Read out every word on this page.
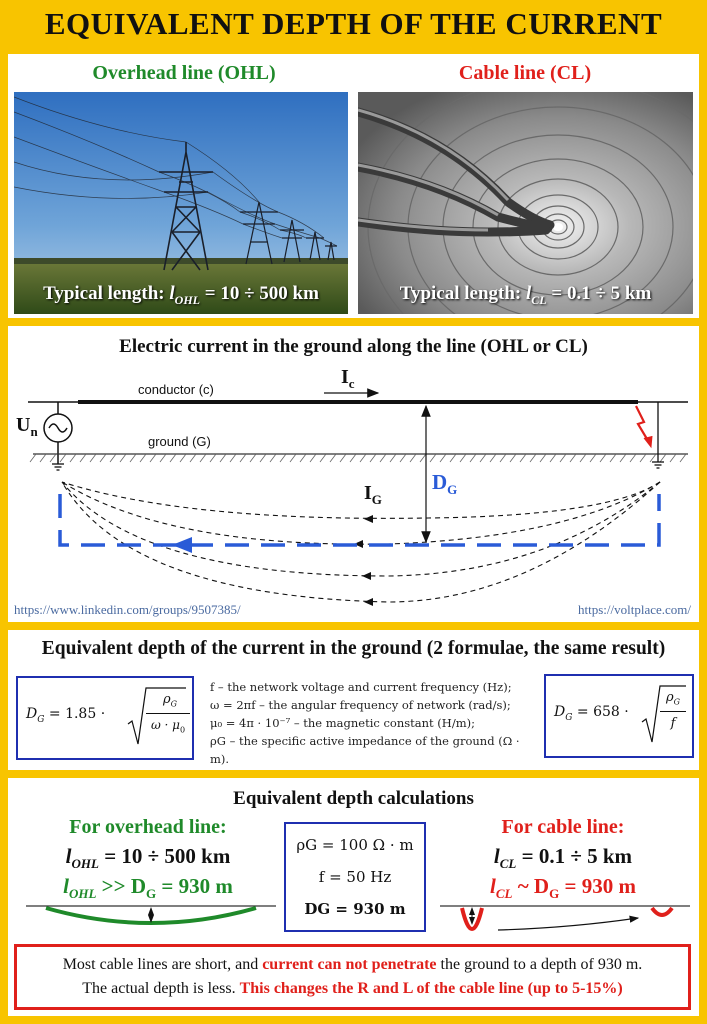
EQUIVALENT DEPTH OF THE CURRENT
Overhead line (OHL)	Cable line (CL)
Typical length: $l_{OHL} = 10 \div 500$ km	Typical length: $l_{CL} = 0.1 \div 5$ km
Electric current in the ground along the line (OHL or CL)
conductor (c)
ground (G)
$I_c$
$U_n$
$I_G$
$D_G$
https://www.linkedin.com/groups/9507385/	https://voltplace.com/
Equivalent depth of the current in the ground (2 formulae, the same result)
$D_G = 1.85$ ·
$\rho_G$
$\omega \cdot \mu_0$
f – the network voltage and current frequency (Hz);
ω = 2πf – the angular frequency of network (rad/s);
μ₀ = 4π · 10⁻⁷ – the magnetic constant (H/m);
ρG – the specific active impedance of the ground (Ω · m).
$D_G = 658$ ·
$\rho_G$
f
Equivalent depth calculations
For overhead line:
$l_{OHL} = 10 \div 500$ km
$l_{OHL} >> D_G = 930$ m
ρG = 100 Ω · m
f = 50 Hz
DG = 930 m
For cable line:
$l_{CL} = 0.1 \div 5$ km
$l_{CL}$ ~ $D_G = 930$ m
Most cable lines are short, and current can not penetrate the ground to a depth of 930 m.
The actual depth is less. This changes the R and L of the cable line (up to 5-15%)
